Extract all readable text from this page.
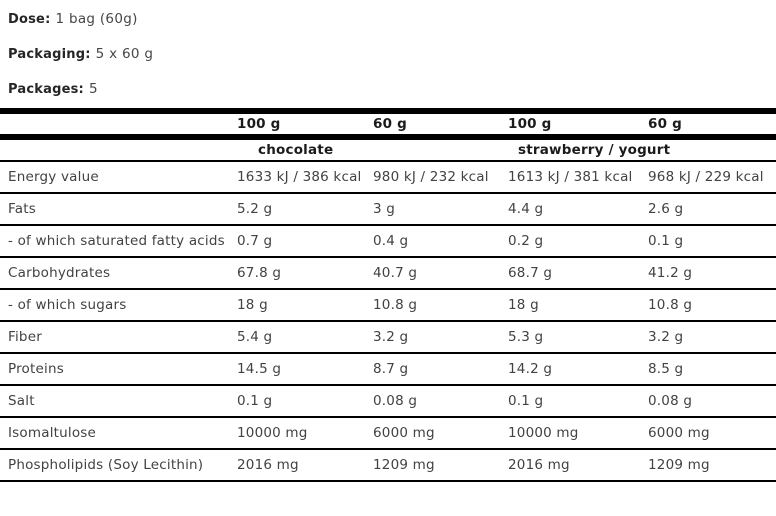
Dose: 1 bag (60g)
Packaging: 5 x 60 g
Packages: 5
	100 g	60 g	100 g	60 g
	chocolate		strawberry / yogurt	
Energy value	1633 kJ / 386 kcal	980 kJ / 232 kcal	1613 kJ / 381 kcal	968 kJ / 229 kcal
Fats	5.2 g	3 g	4.4 g	2.6 g
- of which saturated fatty acids	0.7 g	0.4 g	0.2 g	0.1 g
Carbohydrates	67.8 g	40.7 g	68.7 g	41.2 g
- of which sugars	18 g	10.8 g	18 g	10.8 g
Fiber	5.4 g	3.2 g	5.3 g	3.2 g
Proteins	14.5 g	8.7 g	14.2 g	8.5 g
Salt	0.1 g	0.08 g	0.1 g	0.08 g
Isomaltulose	10000 mg	6000 mg	10000 mg	6000 mg
Phospholipids (Soy Lecithin)	2016 mg	1209 mg	2016 mg	1209 mg
